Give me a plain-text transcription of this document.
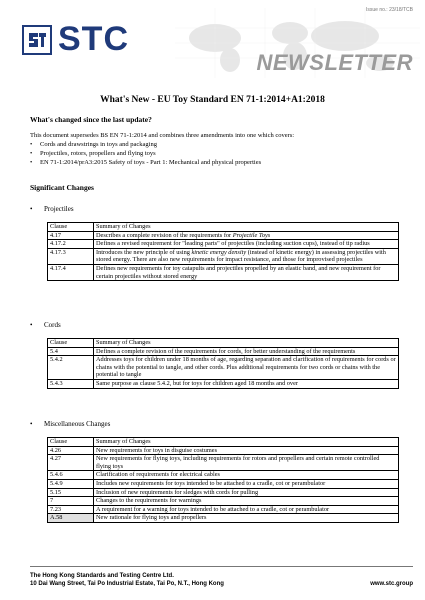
Issue no.: 23/18/TCB
STC
NEWSLETTER
What's New - EU Toy Standard EN 71-1:2014+A1:2018
What's changed since the last update?
This document supersedes BS EN 71-1:2014 and combines three amendments into one which covers:
• Cords and drawstrings in toys and packaging
• Projectiles, rotors, propellers and flying toys
• EN 71-1:2014/prA3:2015 Safety of toys - Part 1: Mechanical and physical properties
Significant Changes
• Projectiles
Clause	Summary of Changes
4.17	Describes a complete revision of the requirements for Projectile Toys
4.17.2	Defines a revised requirement for "leading parts" of projectiles (including suction cups), instead of tip radius
4.17.3	Introduces the new principle of using kinetic energy density (instead of kinetic energy) in assessing projectiles with stored energy. There are also new requirements for impact resistance, and those for improvised projectiles
4.17.4	Defines new requirements for toy catapults and projectiles propelled by an elastic band, and new requirement for certain projectiles without stored energy
• Cords
Clause	Summary of Changes
5.4	Defines a complete revision of the requirements for cords, for better understanding of the requirements
5.4.2	Addresses toys for children under 18 months of age, regarding separation and clarification of requirements for cords or chains with the potential to tangle, and other cords. Plus additional requirements for two cords or chains with the potential to tangle
5.4.3	Same purpose as clause 5.4.2, but for toys for children aged 18 months and over
• Miscellaneous Changes
Clause	Summary of Changes
4.26	New requirements for toys in disguise costumes
4.27	New requirements for flying toys, including requirements for rotors and propellers and certain remote controlled flying toys
5.4.6	Clarification of requirements for electrical cables
5.4.9	Includes new requirements for toys intended to be attached to a cradle, cot or perambulator
5.15	Inclusion of new requirements for sledges with cords for pulling
7	Changes to the requirements for warnings
7.23	A requirement for a warning for toys intended to be attached to a cradle, cot or perambulator
A.58	New rationale for flying toys and propellers
The Hong Kong Standards and Testing Centre Ltd.
10 Dai Wang Street, Tai Po Industrial Estate, Tai Po, N.T., Hong Kong	www.stc.group
